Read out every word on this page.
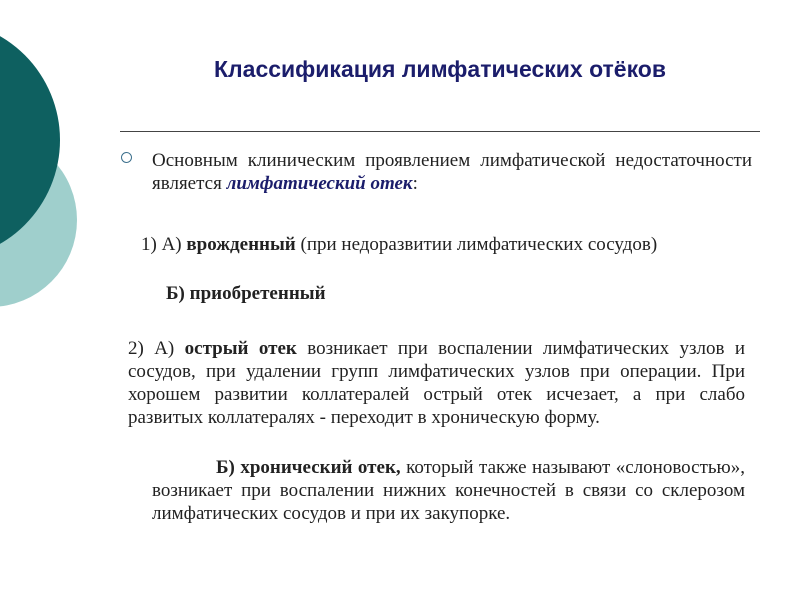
Классификация лимфатических отёков
Основным клиническим проявлением лимфатической недостаточности является лимфатический отек:
1) А) врожденный (при недоразвитии лимфатических сосудов)
Б) приобретенный
2) А) острый отек возникает при воспалении лимфатических узлов и сосудов, при удалении групп лимфатических узлов при операции. При хорошем развитии коллатералей острый отек исчезает, а при слабо развитых коллатералях - переходит в хроническую форму.
Б) хронический отек, который также называют «слоновостью», возникает при воспалении нижних конечностей в связи со склерозом лимфатических сосудов и при их закупорке.
